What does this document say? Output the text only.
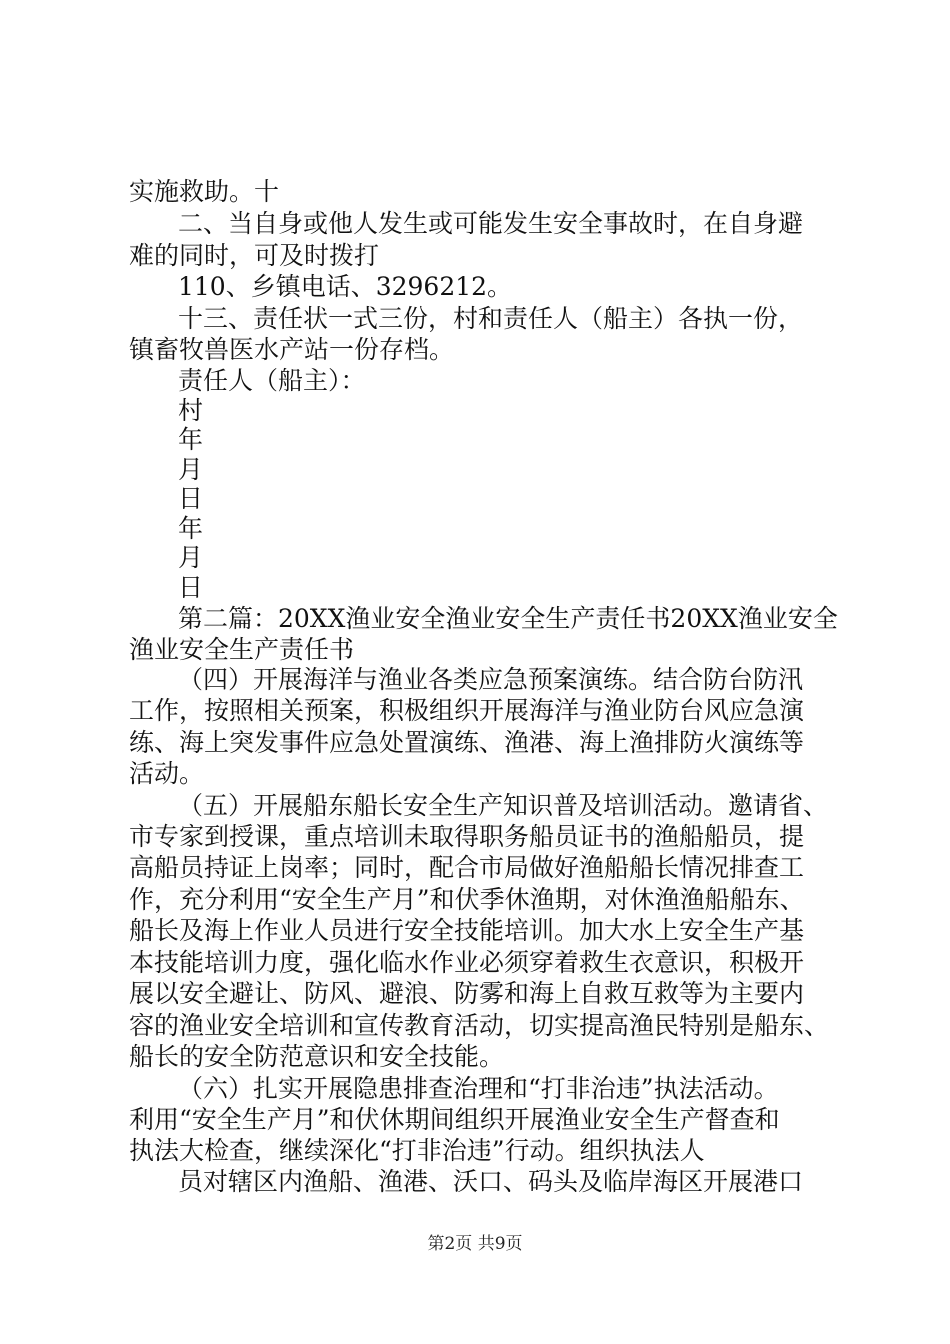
实施救助。十
二、当自身或他人发生或可能发生安全事故时，在自身避
难的同时，可及时拨打
110、乡镇电话、3296212。
十三、责任状一式三份，村和责任人（船主）各执一份，
镇畜牧兽医水产站一份存档。
责任人（船主）：
村
年
月
日
年
月
日
第二篇：20XX渔业安全渔业安全生产责任书20XX渔业安全
渔业安全生产责任书
（四）开展海洋与渔业各类应急预案演练。结合防台防汛
工作，按照相关预案，积极组织开展海洋与渔业防台风应急演
练、海上突发事件应急处置演练、渔港、海上渔排防火演练等
活动。
（五）开展船东船长安全生产知识普及培训活动。邀请省、
市专家到授课，重点培训未取得职务船员证书的渔船船员，提
高船员持证上岗率；同时，配合市局做好渔船船长情况排查工
作，充分利用“安全生产月”和伏季休渔期，对休渔渔船船东、
船长及海上作业人员进行安全技能培训。加大水上安全生产基
本技能培训力度，强化临水作业必须穿着救生衣意识，积极开
展以安全避让、防风、避浪、防雾和海上自救互救等为主要内
容的渔业安全培训和宣传教育活动，切实提高渔民特别是船东、
船长的安全防范意识和安全技能。
（六）扎实开展隐患排查治理和“打非治违”执法活动。
利用“安全生产月”和伏休期间组织开展渔业安全生产督查和
执法大检查，继续深化“打非治违”行动。组织执法人
员对辖区内渔船、渔港、沃口、码头及临岸海区开展港口
第2页 共9页
